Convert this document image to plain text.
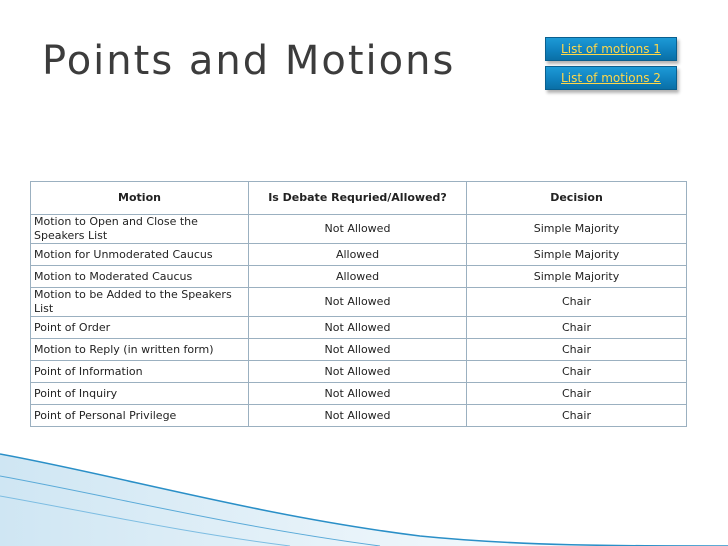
Points and Motions	List of motions 1
List of motions 2
Motion	Is Debate Requried/Allowed?	Decision
Motion to Open and Close the Speakers List	Not Allowed	Simple Majority
Motion for Unmoderated Caucus	Allowed	Simple Majority
Motion to Moderated Caucus	Allowed	Simple Majority
Motion to be Added to the Speakers List	Not Allowed	Chair
Point of Order	Not Allowed	Chair
Motion to Reply (in written form)	Not Allowed	Chair
Point of Information	Not Allowed	Chair
Point of Inquiry	Not Allowed	Chair
Point of Personal Privilege	Not Allowed	Chair
